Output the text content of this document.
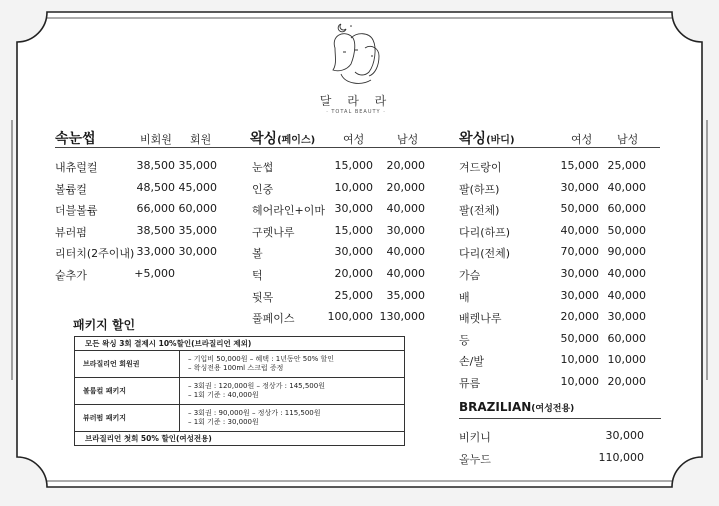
달 라 라
· TOTAL BEAUTY ·
속눈썹	비회원 회원
내츄럴컬	38,500 35,000
볼륨컬	48,500 45,000
더블볼륨	66,000 60,000
뷰러펌	38,500 35,000
리터치(2주이내) 33,000 30,000
숱추가	+5,000
왁싱(페이스)	여성	남성
눈썹	15,000 20,000
인중	10,000 20,000
헤어라인+이마 30,000 40,000
구렛나루	15,000 30,000
볼	30,000 40,000
턱	20,000 40,000
뒷목	25,000 35,000
풀페이스	100,000 130,000
왁싱(바디)	여성 남성
겨드랑이	15,000 25,000
팔(하프)	30,000 40,000
팔(전체)	50,000 60,000
다리(하프)	40,000 50,000
다리(전체)	70,000 90,000
가슴	30,000 40,000
배	30,000 40,000
배렛나루	20,000 30,000
등	50,000 60,000
손/발	10,000 10,000
뮤름	10,000 20,000
패키지 할인
모든 왁싱 3회 결제시 10%할인(브라질리언 제외)	
브라질리언 회원권	– 기입비 50,000원 – 혜택 : 1년동안 50% 할인
– 왁싱전용 100ml 스크럽 증정

볼륨컬 패키지	– 3회권 : 120,000원 – 정상가 : 145,500원
– 1회 기준 : 40,000원

뷰러펌 패키지	– 3회권 : 90,000원 – 정상가 : 115,500원
– 1회 기준 : 30,000원

브라질리언 첫회 50% 할인(여성전용)	
BRAZILIAN(여성전용)
비키니	30,000
올누드	110,000
